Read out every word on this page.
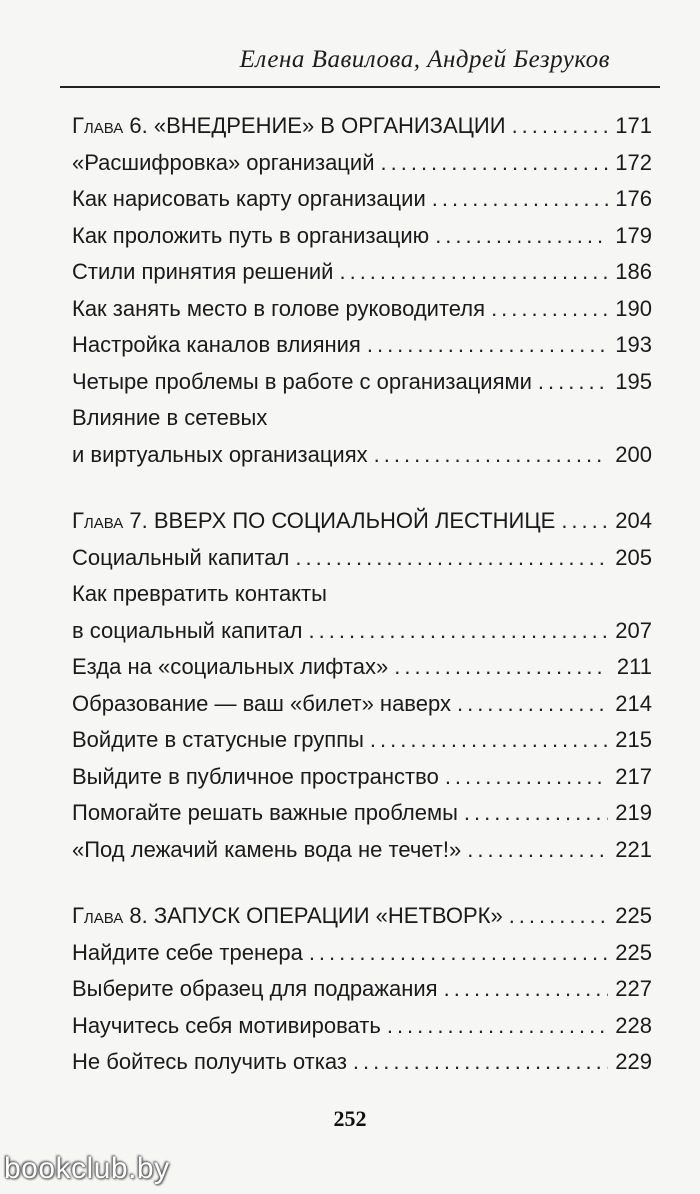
Елена Вавилова, Андрей Безруков
Глава 6. «ВНЕДРЕНИЕ» В ОРГАНИЗАЦИИ .....	171
«Расшифровка» организаций .....	172
Как нарисовать карту организации .....	176
Как проложить путь в организацию .....	179
Стили принятия решений .....	186
Как занять место в голове руководителя .....	190
Настройка каналов влияния .....	193
Четыре проблемы в работе с организациями .....	195
Влияние в сетевых
и виртуальных организациях .....	200
Глава 7. ВВЕРХ ПО СОЦИАЛЬНОЙ ЛЕСТНИЦЕ .....	204
Социальный капитал .....	205
Как превратить контакты
в социальный капитал .....	207
Езда на «социальных лифтах» .....	211
Образование — ваш «билет» наверх .....	214
Войдите в статусные группы .....	215
Выйдите в публичное пространство .....	217
Помогайте решать важные проблемы .....	219
«Под лежачий камень вода не течет!» .....	221
Глава 8. ЗАПУСК ОПЕРАЦИИ «НЕТВОРК» .....	225
Найдите себе тренера .....	225
Выберите образец для подражания .....	227
Научитесь себя мотивировать .....	228
Не бойтесь получить отказ .....	229
252
bookclub.by
